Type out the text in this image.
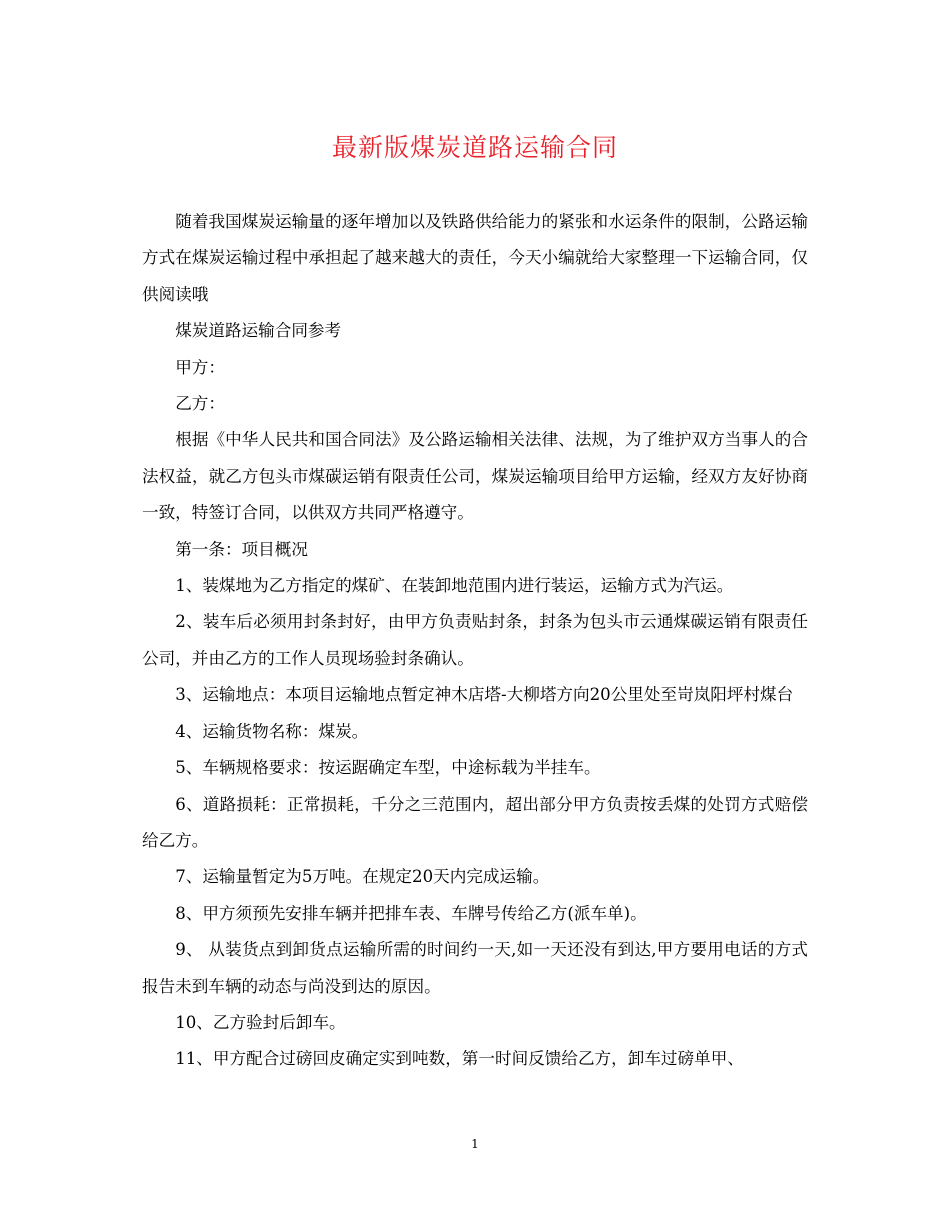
最新版煤炭道路运输合同

随着我国煤炭运输量的逐年增加以及铁路供给能力的紧张和水运条件的限制，公路运输方式在煤炭运输过程中承担起了越来越大的责任，今天小编就给大家整理一下运输合同，仅供阅读哦

煤炭道路运输合同参考

甲方：

乙方：

根据《中华人民共和国合同法》及公路运输相关法律、法规，为了维护双方当事人的合法权益，就乙方包头市煤碳运销有限责任公司，煤炭运输项目给甲方运输，经双方友好协商一致，特签订合同，以供双方共同严格遵守。

第一条：项目概况

1、装煤地为乙方指定的煤矿、在装卸地范围内进行装运，运输方式为汽运。

2、装车后必须用封条封好，由甲方负责贴封条，封条为包头市云通煤碳运销有限责任公司，并由乙方的工作人员现场验封条确认。

3、运输地点：本项目运输地点暂定神木店塔-大柳塔方向20公里处至岢岚阳坪村煤台

4、运输货物名称：煤炭。

5、车辆规格要求：按运踞确定车型，中途标载为半挂车。

6、道路损耗：正常损耗，千分之三范围内，超出部分甲方负责按丢煤的处罚方式赔偿给乙方。

7、运输量暂定为5万吨。在规定20天内完成运输。

8、甲方须预先安排车辆并把排车表、车牌号传给乙方(派车单)。

9、 从装货点到卸货点运输所需的时间约一天,如一天还没有到达,甲方要用电话的方式报告未到车辆的动态与尚没到达的原因。

10、乙方验封后卸车。

11、甲方配合过磅回皮确定实到吨数，第一时间反馈给乙方，卸车过磅单甲、

1
